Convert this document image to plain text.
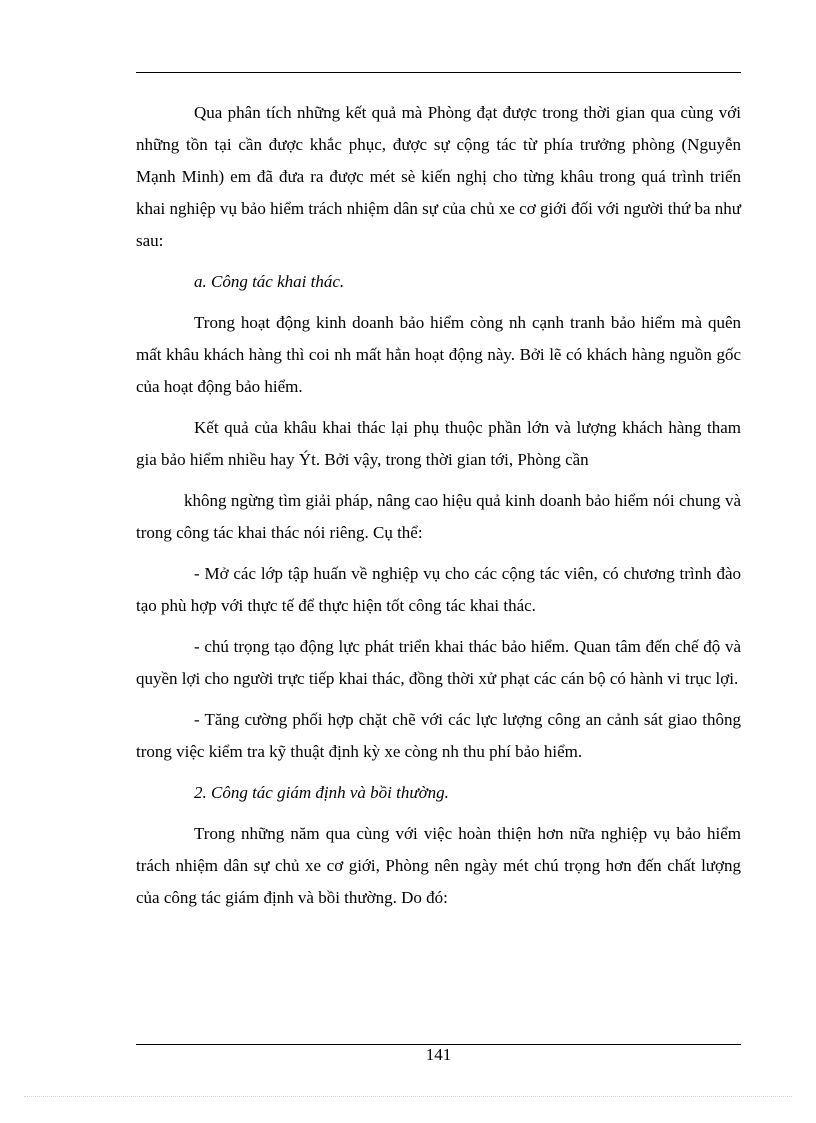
Qua phân tích những kết quả mà Phòng đạt được trong thời gian qua cùng với những tồn tại cần được khắc phục, được sự cộng tác từ phía trưởng phòng (Nguyễn Mạnh Minh) em đã đưa ra được mét sè kiến nghị cho từng khâu trong quá trình triển khai nghiệp vụ bảo hiểm trách nhiệm dân sự của chủ xe cơ giới đối với người thứ ba như sau:

a. Công tác khai thác.

Trong hoạt động kinh doanh bảo hiểm còng nh cạnh tranh bảo hiểm mà quên mất khâu khách hàng thì coi nh mất hẳn hoạt động này. Bởi lẽ có khách hàng nguồn gốc của hoạt động bảo hiểm.

Kết quả của khâu khai thác lại phụ thuộc phần lớn và lượng khách hàng tham gia bảo hiểm nhiều hay Ýt. Bởi vậy, trong thời gian tới, Phòng cần

không ngừng tìm giải pháp, nâng cao hiệu quả kinh doanh bảo hiểm nói chung và trong công tác khai thác nói riêng. Cụ thể:

- Mở các lớp tập huấn về nghiệp vụ cho các cộng tác viên, có chương trình đào tạo phù hợp với thực tế để thực hiện tốt công tác khai thác.

- chú trọng tạo động lực phát triển khai thác bảo hiểm. Quan tâm đến chế độ và quyền lợi cho người trực tiếp khai thác, đồng thời xử phạt các cán bộ có hành vi trục lợi.

- Tăng cường phối hợp chặt chẽ với các lực lượng công an cảnh sát giao thông trong việc kiểm tra kỹ thuật định kỳ xe còng nh thu phí bảo hiểm.

2. Công tác giám định và bồi thường.

Trong những năm qua cùng với việc hoàn thiện hơn nữa nghiệp vụ bảo hiểm trách nhiệm dân sự chủ xe cơ giới, Phòng nên ngày mét chú trọng hơn đến chất lượng của công tác giám định và bồi thường. Do đó:

141
